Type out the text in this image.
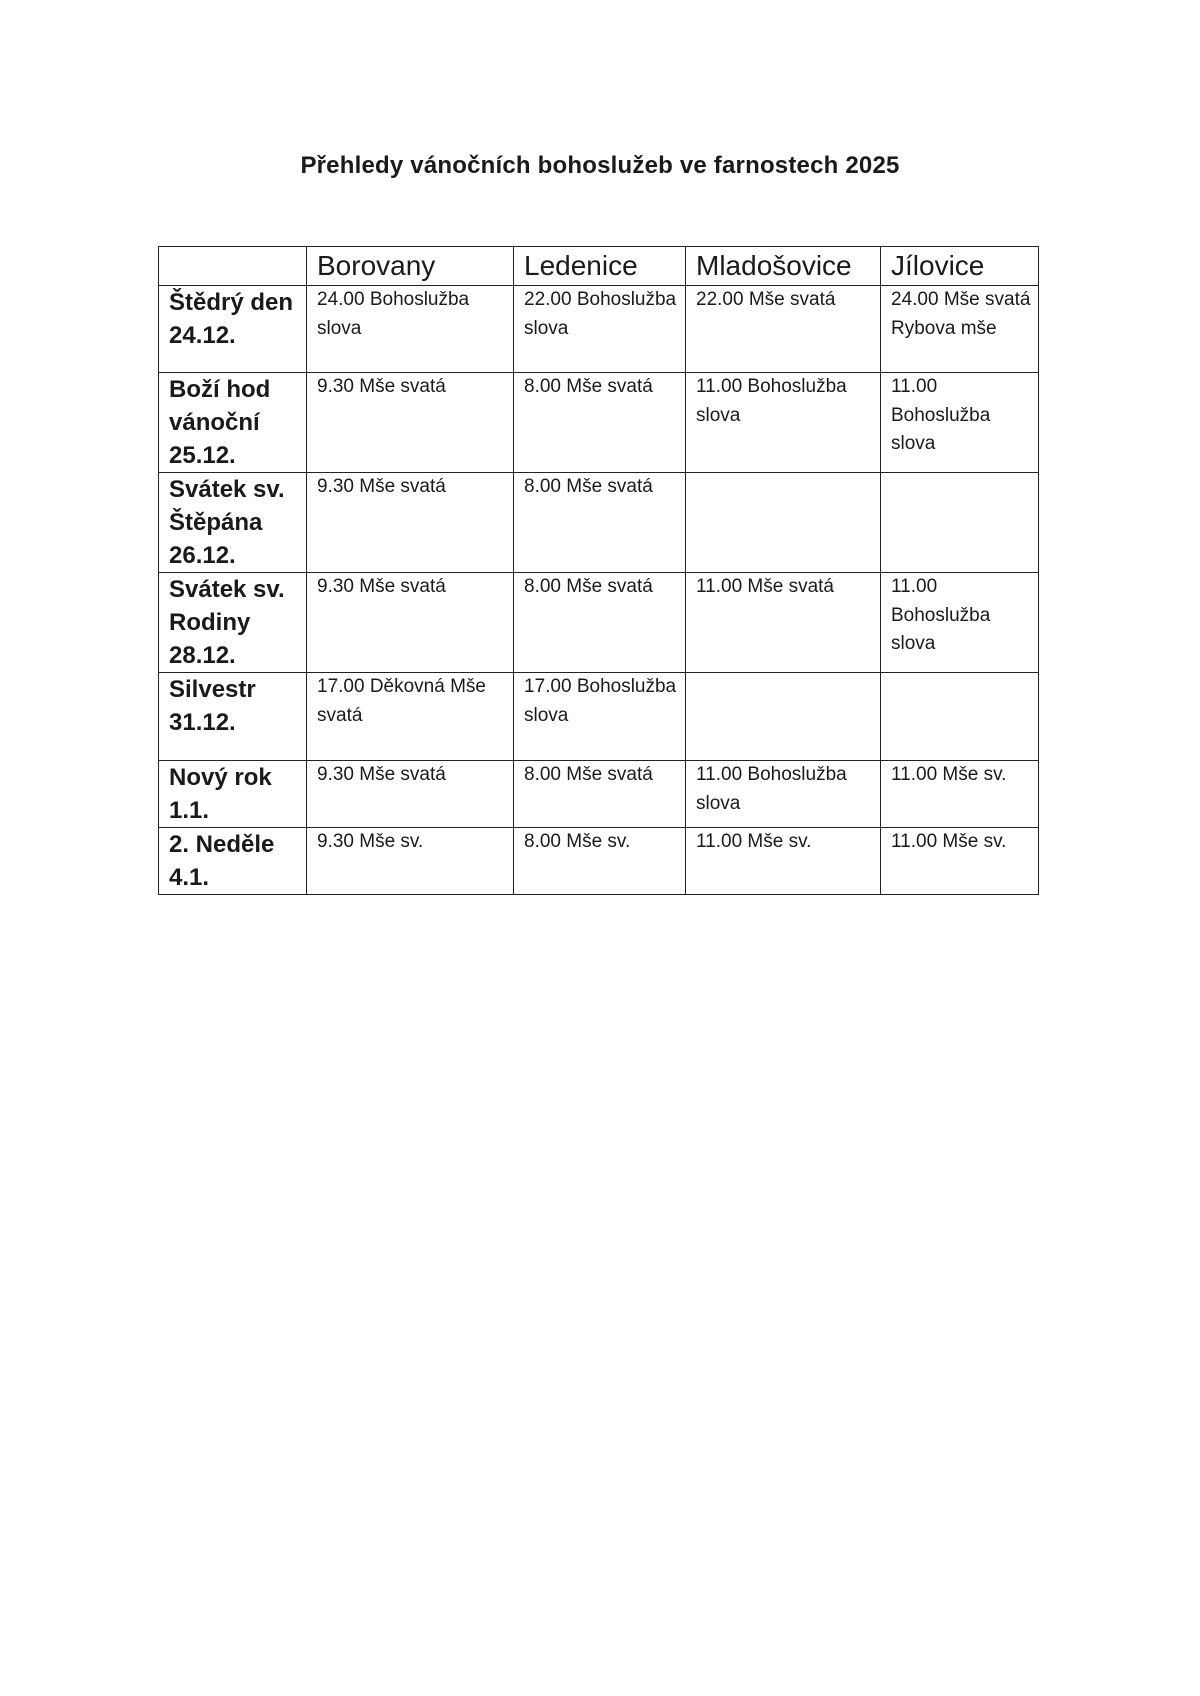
Přehledy vánočních bohoslužeb ve farnostech 2025
	Borovany	Ledenice	Mladošovice	Jílovice

Štědrý den
24.12.	24.00 Bohoslužba slova	22.00 Bohoslužba slova	22.00 Mše svatá	24.00 Mše svatá Rybova mše

Boží hod vánoční
25.12.	9.30 Mše svatá	8.00 Mše svatá	11.00 Bohoslužba slova	11.00 Bohoslužba slova

Svátek sv. Štěpána
26.12.	9.30 Mše svatá	8.00 Mše svatá		

Svátek sv. Rodiny
28.12.	9.30 Mše svatá	8.00 Mše svatá	11.00 Mše svatá	11.00 Bohoslužba slova

Silvestr
31.12.	17.00 Děkovná Mše svatá	17.00 Bohoslužba slova		

Nový rok
1.1.	9.30 Mše svatá	8.00 Mše svatá	11.00 Bohoslužba slova	11.00 Mše sv.

2. Neděle
4.1.	9.30 Mše sv.	8.00 Mše sv.	11.00 Mše sv.	11.00 Mše sv.
